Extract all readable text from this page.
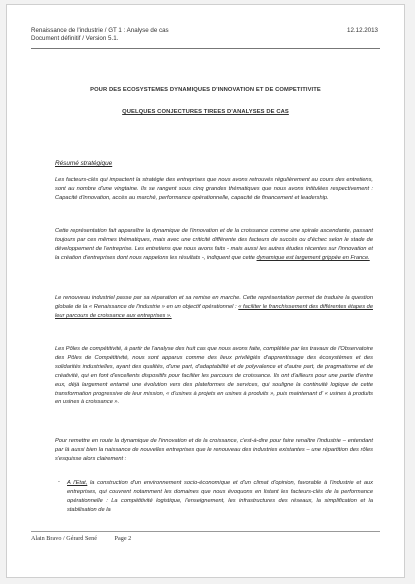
Renaissance de l'industrie / GT 1 : Analyse de cas
Document définitif / Version 5.1.
12.12.2013
POUR DES ECOSYSTEMES DYNAMIQUES D'INNOVATION ET DE COMPETITIVITE
QUELQUES CONJECTURES TIREES D'ANALYSES DE CAS
Résumé stratégique
Les facteurs-clés qui impactent la stratégie des entreprises que nous avons retrouvés régulièrement au cours des entretiens, sont au nombre d'une vingtaine. Ils se rangent sous cinq grandes thématiques que nous avons intitulées respectivement : Capacité d'innovation, accès au marché, performance opérationnelle, capacité de financement et leadership.
Cette représentation fait apparaître la dynamique de l'innovation et de la croissance comme une spirale ascendante, passant toujours par ces mêmes thématiques, mais avec une criticité différente des facteurs de succès ou d'échec selon le stade de développement de l'entreprise. Les entretiens que nous avons faits - mais aussi les autres études récentes sur l'innovation et la création d'entreprises dont nous rappelons les résultats -, indiquent que cette dynamique est largement grippée en France.
Le renouveau industriel passe par sa réparation et sa remise en marche. Cette représentation permet de traduire la question globale de la « Renaissance de l'industrie » en un objectif opérationnel : « faciliter le franchissement des différentes étapes de leur parcours de croissance aux entreprises ».
Les Pôles de compétitivité, à partir de l'analyse des huit cas que nous avons faite, complétée par les travaux de l'Observatoire des Pôles de Compétitivité, nous sont apparus comme des lieux privilégiés d'apprentissage des écosystèmes et des solidarités industrielles, ayant des qualités, d'une part, d'adaptabilité et de polyvalence et d'autre part, de pragmatisme et de créativité, qui en font d'excellents dispositifs pour faciliter les parcours de croissance. Ils ont d'ailleurs pour une partie d'entre eux, déjà largement entamé une évolution vers des plateformes de services, qui souligne la continuité logique de cette transformation progressive de leur mission, « d'usines à projets en usines à produits », puis maintenant d' « usines à produits en usines à croissance ».
Pour remettre en route la dynamique de l'innovation et de la croissance, c'est-à-dire pour faire renaître l'industrie – entendant par là aussi bien la naissance de nouvelles entreprises que le renouveau des industries existantes – une répartition des rôles s'esquisse alors clairement :
- A l'Etat, la construction d'un environnement socio-économique et d'un climat d'opinion, favorable à l'industrie et aux entreprises, qui couvrent notamment les domaines que nous évoquons en listant les facteurs-clés de la performance opérationnelle : La compétitivité logistique, l'enseignement, les infrastructures des réseaux, la simplification et la stabilisation de la
Alain Bravo / Gérard Sené	Page 2
